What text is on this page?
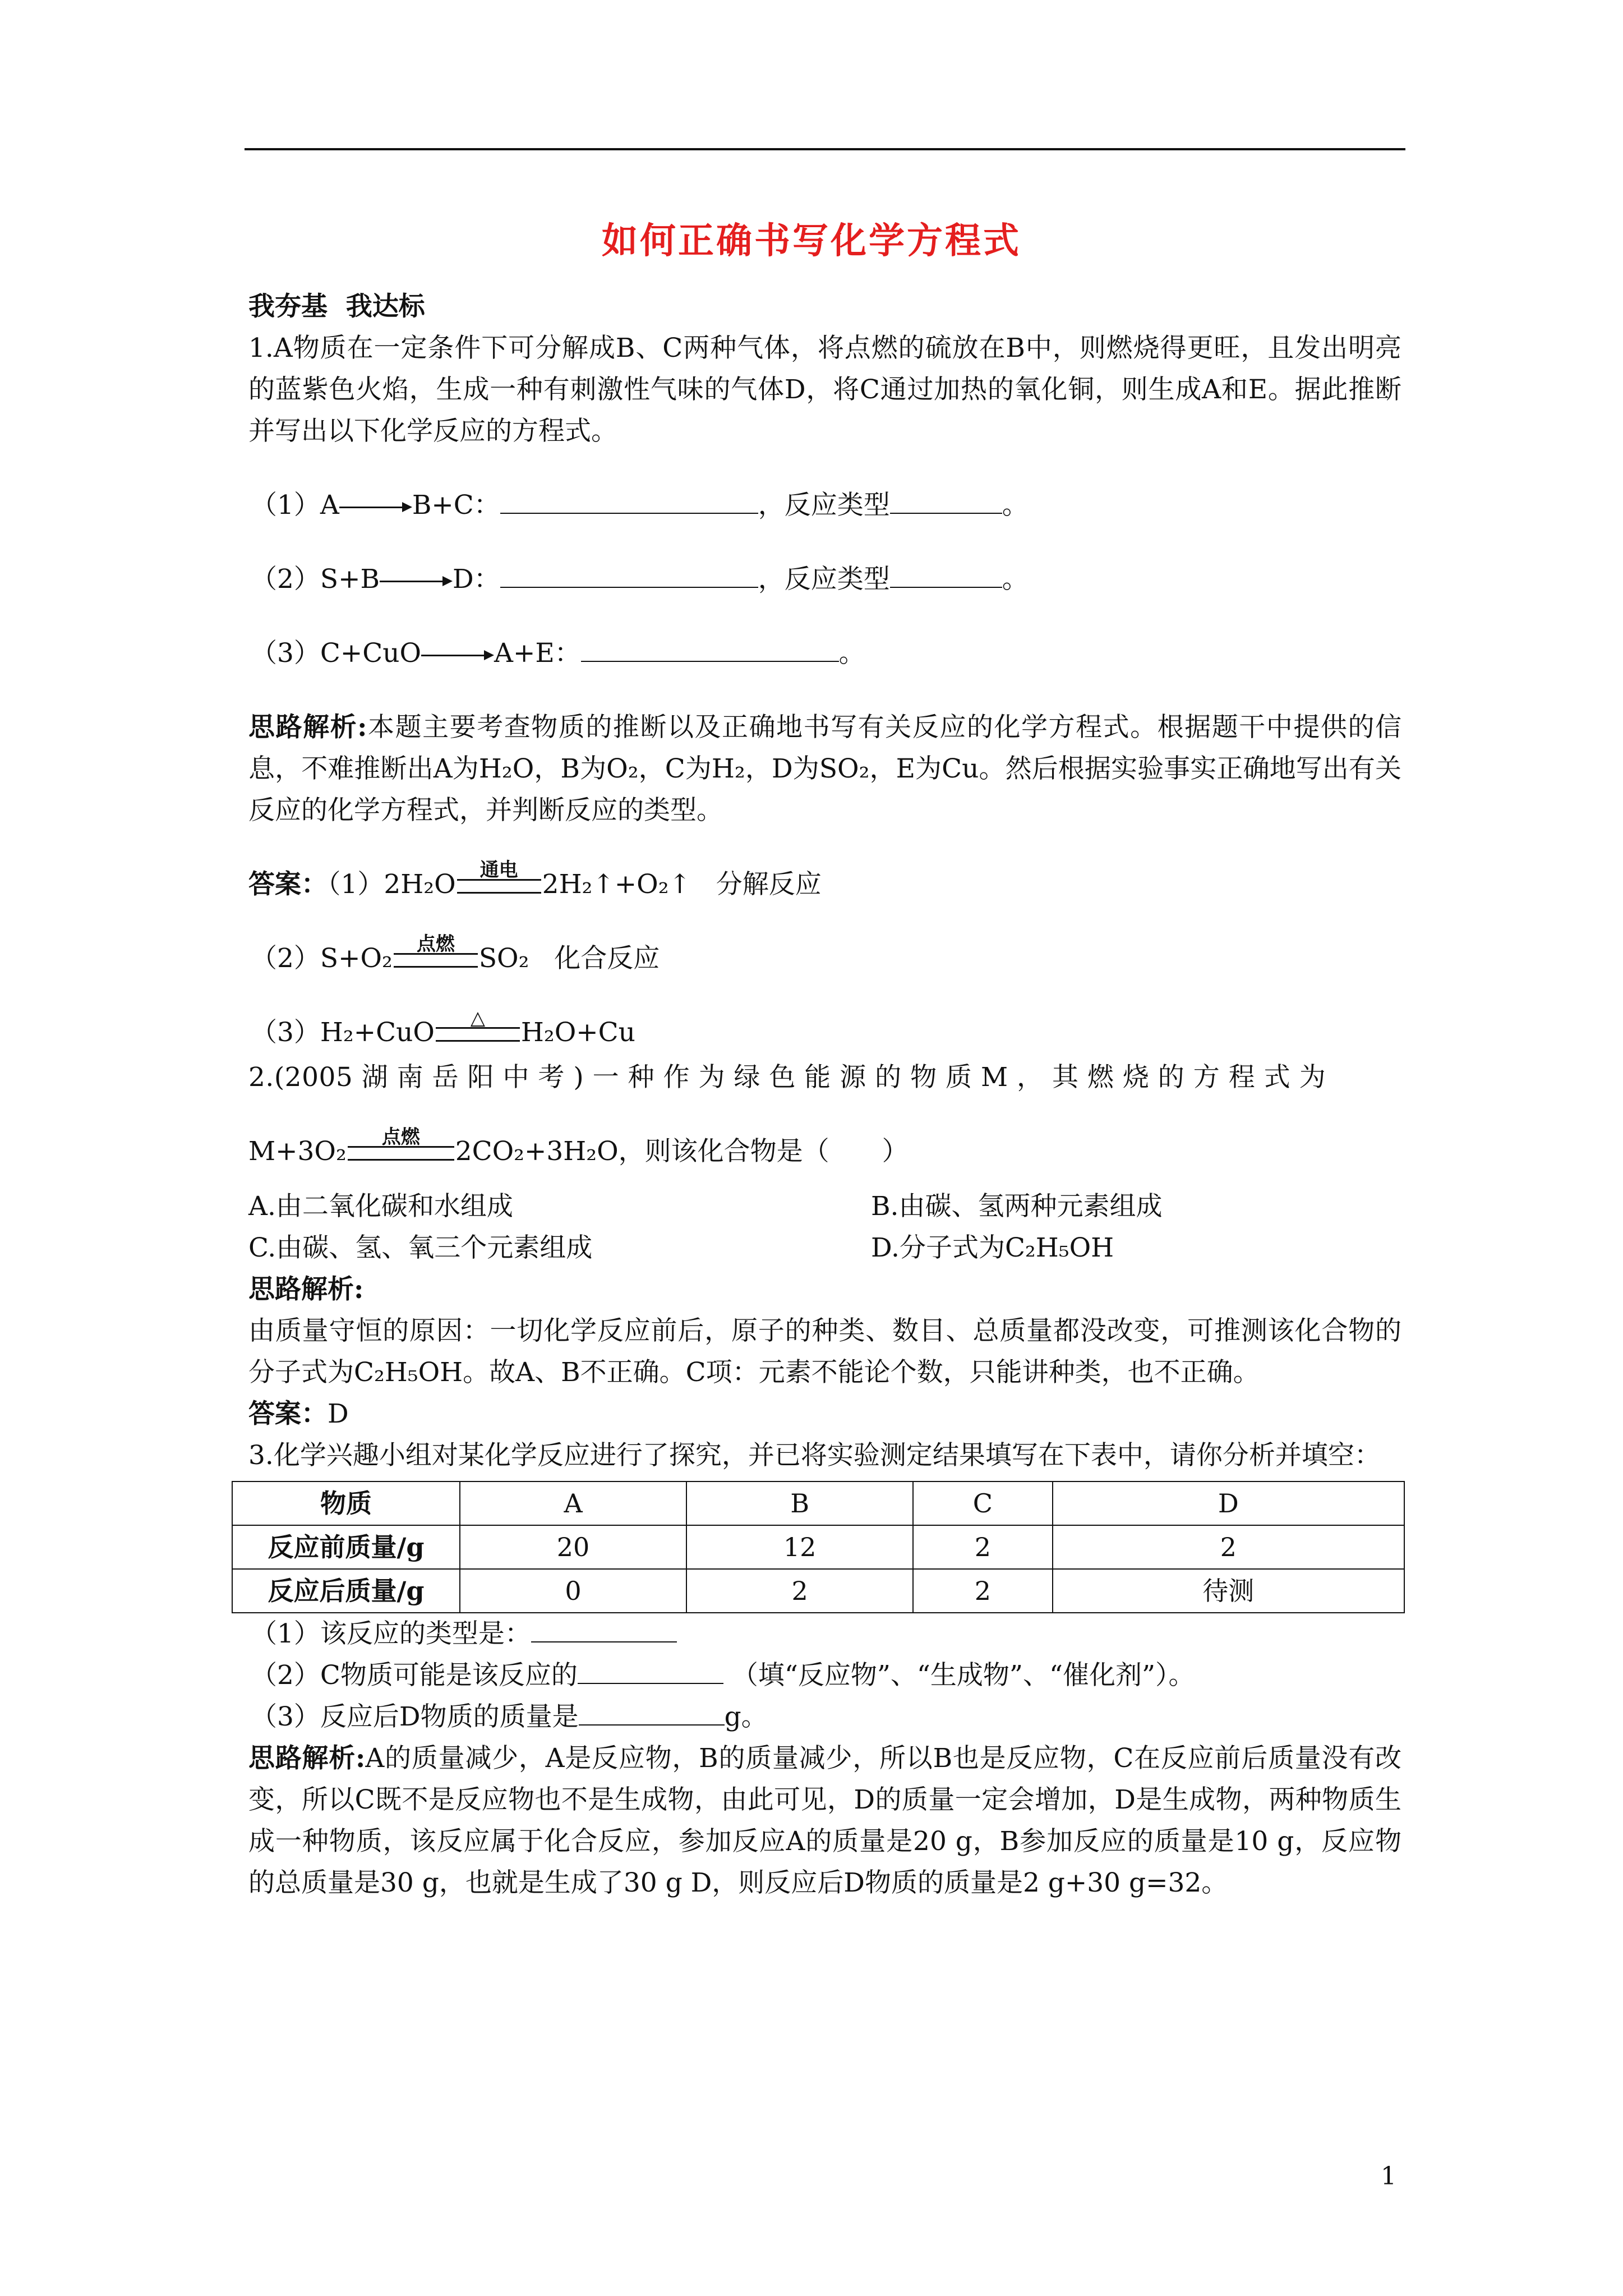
如何正确书写化学方程式

我夯基  我达标

1.A物质在一定条件下可分解成B、C两种气体，将点燃的硫放在B中，则燃烧得更旺，且发出明亮的蓝紫色火焰，生成一种有刺激性气味的气体D，将C通过加热的氧化铜，则生成A和E。据此推断并写出以下化学反应的方程式。

（1）A	B+C：	，反应类型	。

（2）S+B	D：	，反应类型	。

（3）C+CuO	A+E：	。

思路解析:本题主要考查物质的推断以及正确地书写有关反应的化学方程式。根据题干中提供的信息，不难推断出A为H₂O，B为O₂，C为H₂，D为SO₂，E为Cu。然后根据实验事实正确地写出有关反应的化学方程式，并判断反应的类型。

答案：（1）2H₂O	通电 2H₂↑+O₂↑ 分解反应

（2）S+O₂	点燃 SO₂ 化合反应

（3）H₂+CuO	△	H₂O+Cu

2.(2005 湖 南 岳 阳 中 考 ) 一 种 作 为 绿 色 能 源 的 物 质 M ， 其 燃 烧 的 方 程 式 为

M+3O₂	点燃	2CO₂+3H₂O，则该化合物是（　　）

A.由二氧化碳和水组成	B.由碳、氢两种元素组成
C.由碳、氢、氧三个元素组成	D.分子式为C₂H₅OH

思路解析:

由质量守恒的原因：一切化学反应前后，原子的种类、数目、总质量都没改变，可推测该化合物的分子式为C₂H₅OH。故A、B不正确。C项：元素不能论个数，只能讲种类，也不正确。

答案：D

3.化学兴趣小组对某化学反应进行了探究，并已将实验测定结果填写在下表中，请你分析并填空：

物质	A	B	C	D
反应前质量/g	20	12	2	2
反应后质量/g	0	2	2	待测

（1）该反应的类型是：

（2）C物质可能是该反应的	（填“反应物”、“生成物”、“催化剂”）。

（3）反应后D物质的质量是	g。

思路解析:A的质量减少，A是反应物，B的质量减少，所以B也是反应物，C在反应前后质量没有改变，所以C既不是反应物也不是生成物，由此可见，D的质量一定会增加，D是生成物，两种物质生成一种物质，该反应属于化合反应，参加反应A的质量是20 g，B参加反应的质量是10 g，反应物的总质量是30 g，也就是生成了30 g D，则反应后D物质的质量是2 g+30 g=32。

1
